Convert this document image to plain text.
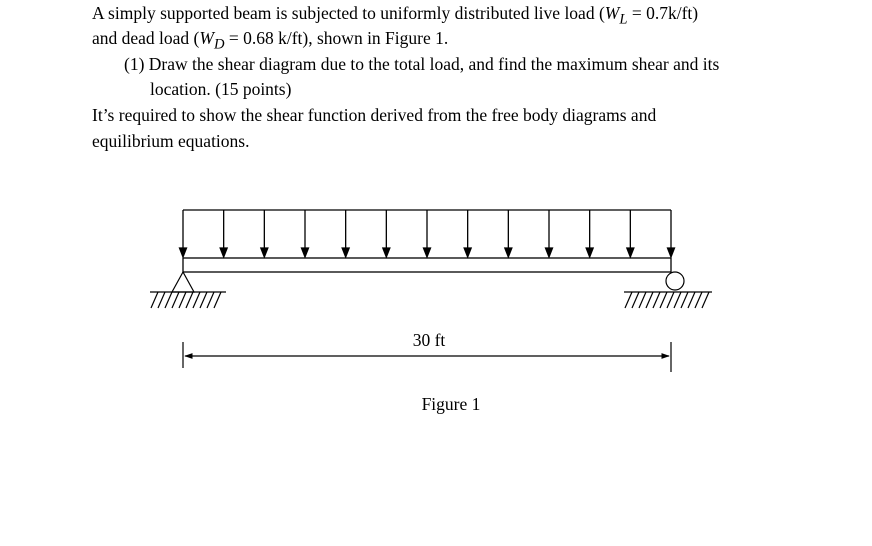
A simply supported beam is subjected to uniformly distributed live load $(W_L = 0.7k/ft)$
and dead load ($W_D = 0.68$ k/ft), shown in Figure 1.
(1) Draw the shear diagram due to the total load, and find the maximum shear and its
location. (15 points)
It’s required to show the shear function derived from the free body diagrams and
equilibrium equations.
30 ft
Figure 1
